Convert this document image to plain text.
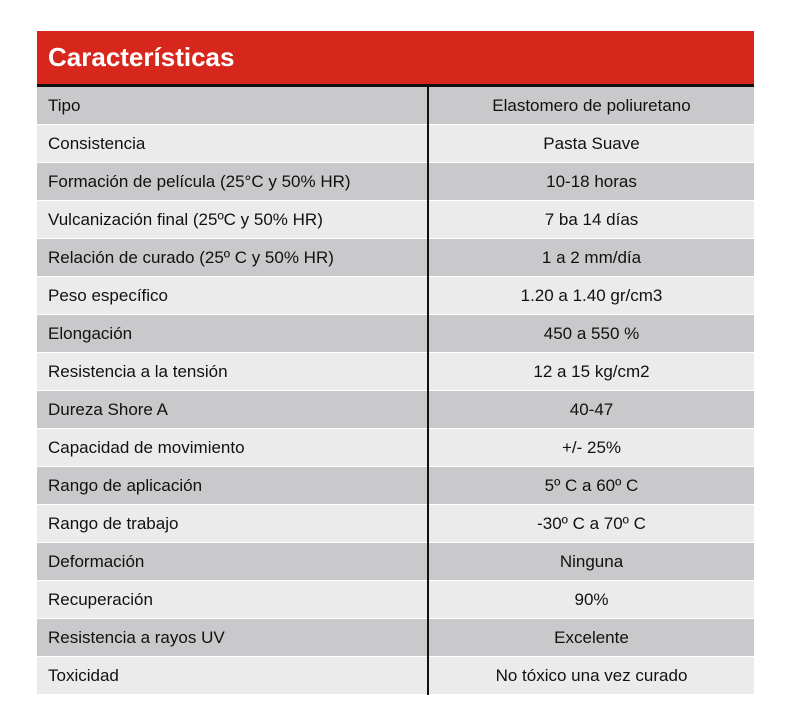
Características
Tipo	Elastomero de poliuretano
Consistencia	Pasta Suave
Formación de película (25°C y 50% HR)	10-18 horas
Vulcanización final (25ºC y 50% HR)	7 ba 14 días
Relación de curado (25º C y 50% HR)	1 a 2 mm/día
Peso específico	1.20 a 1.40 gr/cm3
Elongación	450 a 550 %
Resistencia a la tensión	12 a 15 kg/cm2
Dureza Shore A	40-47
Capacidad de movimiento	+/- 25%
Rango de aplicación	5º C a 60º C
Rango de trabajo	-30º C a 70º C
Deformación	Ninguna
Recuperación	90%
Resistencia a rayos UV	Excelente
Toxicidad	No tóxico una vez curado
